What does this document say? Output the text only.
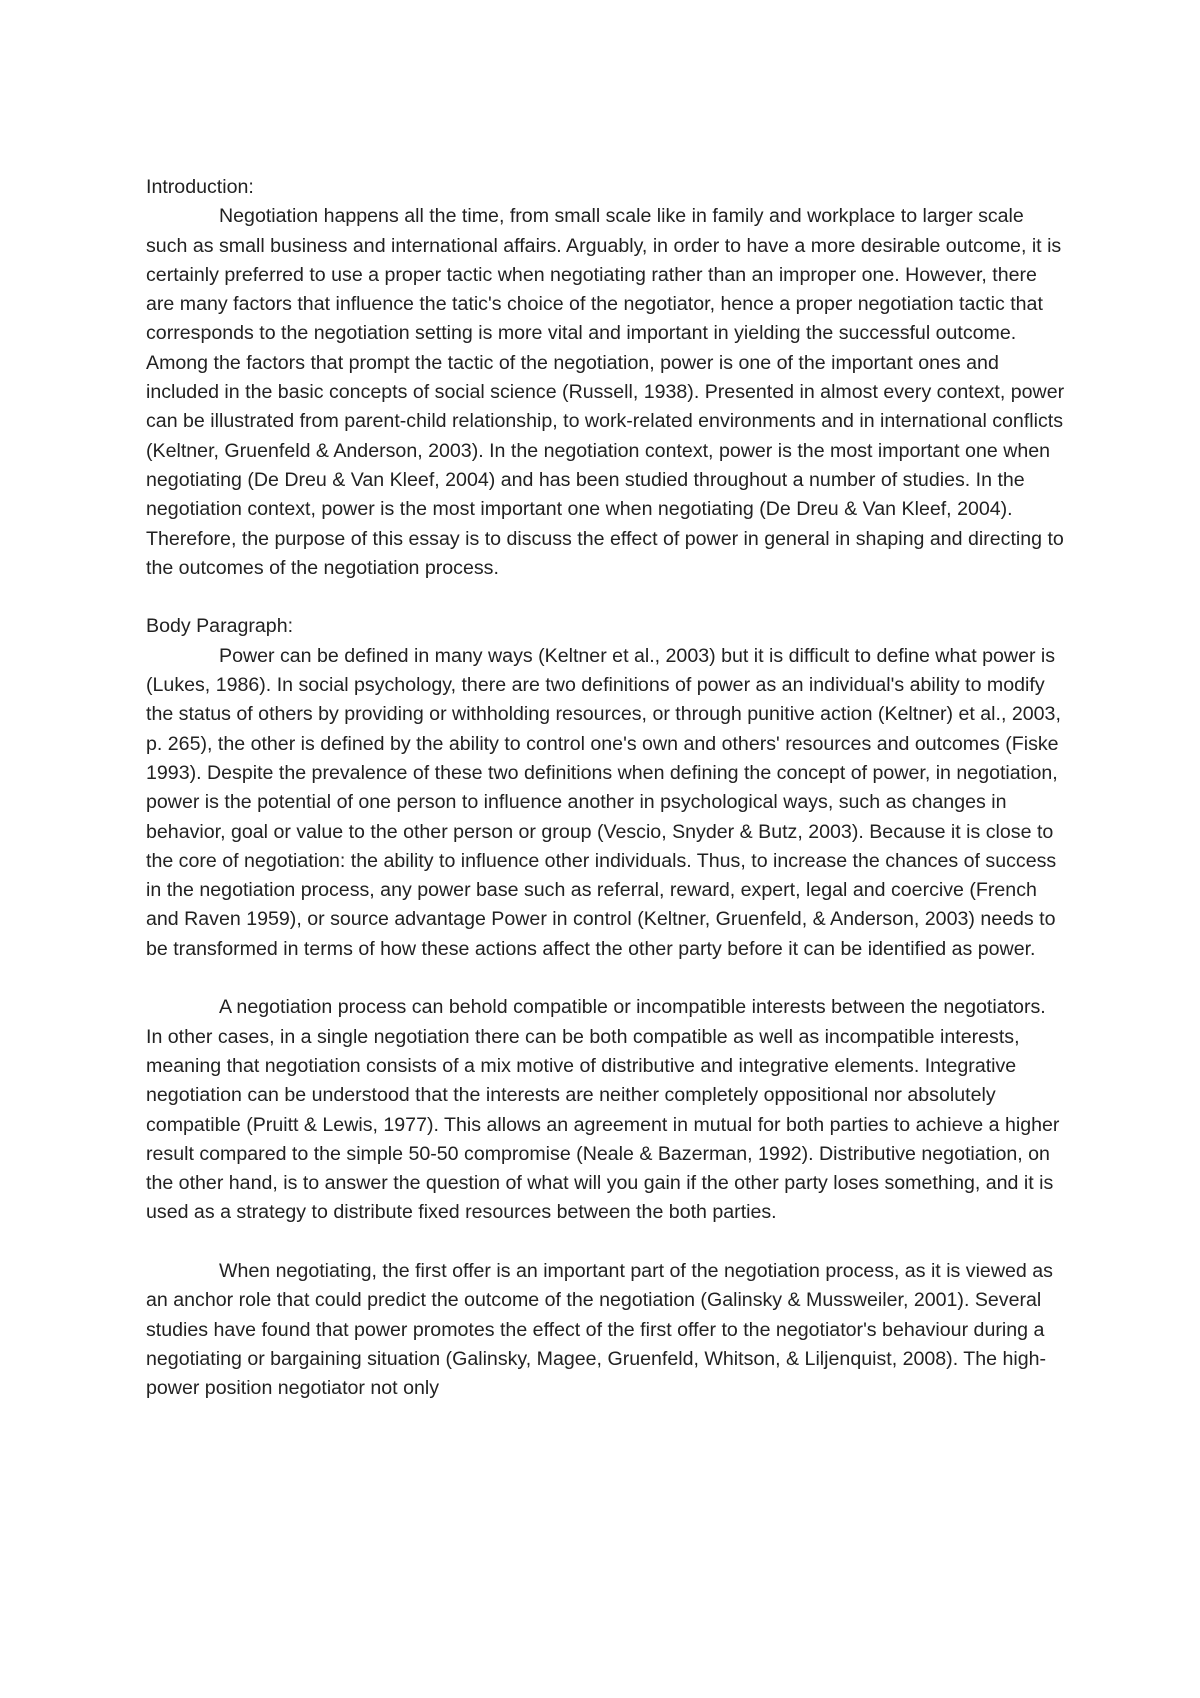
Introduction:

Negotiation happens all the time, from small scale like in family and workplace to larger scale such as small business and international affairs. Arguably, in order to have a more desirable outcome, it is certainly preferred to use a proper tactic when negotiating rather than an improper one. However, there are many factors that influence the tatic's choice of the negotiator, hence a proper negotiation tactic that corresponds to the negotiation setting is more vital and important in yielding the successful outcome. Among the factors that prompt the tactic of the negotiation, power is one of the important ones and included in the basic concepts of social science (Russell, 1938). Presented in almost every context, power can be illustrated from parent-child relationship, to work-related environments and in international conflicts (Keltner, Gruenfeld & Anderson, 2003). In the negotiation context, power is the most important one when negotiating (De Dreu & Van Kleef, 2004) and has been studied throughout a number of studies. In the negotiation context, power is the most important one when negotiating (De Dreu & Van Kleef, 2004). Therefore, the purpose of this essay is to discuss the effect of power in general in shaping and directing to the outcomes of the negotiation process.

Body Paragraph:

Power can be defined in many ways (Keltner et al., 2003) but it is difficult to define what power is (Lukes, 1986). In social psychology, there are two definitions of power as an individual's ability to modify the status of others by providing or withholding resources, or through punitive action (Keltner) et al., 2003, p. 265), the other is defined by the ability to control one's own and others' resources and outcomes (Fiske 1993). Despite the prevalence of these two definitions when defining the concept of power, in negotiation, power is the potential of one person to influence another in psychological ways, such as changes in behavior, goal or value to the other person or group (Vescio, Snyder & Butz, 2003). Because it is close to the core of negotiation: the ability to influence other individuals. Thus, to increase the chances of success in the negotiation process, any power base such as referral, reward, expert, legal and coercive (French and Raven 1959), or source advantage Power in control (Keltner, Gruenfeld, & Anderson, 2003) needs to be transformed in terms of how these actions affect the other party before it can be identified as power.

A negotiation process can behold compatible or incompatible interests between the negotiators. In other cases, in a single negotiation there can be both compatible as well as incompatible interests, meaning that negotiation consists of a mix motive of distributive and integrative elements. Integrative negotiation can be understood that the interests are neither completely oppositional nor absolutely compatible (Pruitt & Lewis, 1977). This allows an agreement in mutual for both parties to achieve a higher result compared to the simple 50-50 compromise (Neale & Bazerman, 1992). Distributive negotiation, on the other hand, is to answer the question of what will you gain if the other party loses something, and it is used as a strategy to distribute fixed resources between the both parties.

When negotiating, the first offer is an important part of the negotiation process, as it is viewed as an anchor role that could predict the outcome of the negotiation (Galinsky & Mussweiler, 2001). Several studies have found that power promotes the effect of the first offer to the negotiator's behaviour during a negotiating or bargaining situation (Galinsky, Magee, Gruenfeld, Whitson, & Liljenquist, 2008). The high-power position negotiator not only
